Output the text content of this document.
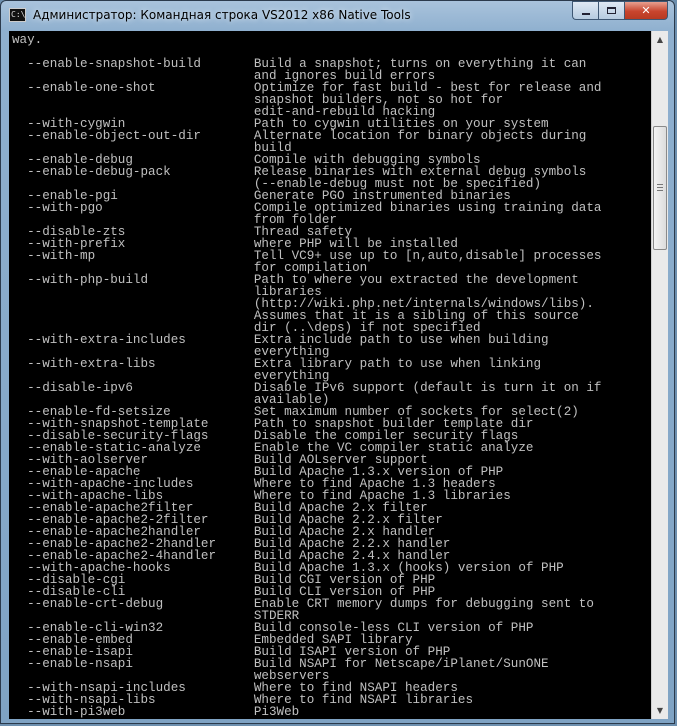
C:\ Администратор: Командная строка VS2012 x86 Native Tools	✕
way.

--enable-snapshot-build       Build a snapshot; turns on everything it can
and ignores build errors
--enable-one-shot             Optimize for fast build - best for release and
snapshot builders, not so hot for
edit-and-rebuild hacking
--with-cygwin                 Path to cygwin utilities on your system
--enable-object-out-dir       Alternate location for binary objects during
build
--enable-debug                Compile with debugging symbols
--enable-debug-pack           Release binaries with external debug symbols
(--enable-debug must not be specified)
--enable-pgi                  Generate PGO instrumented binaries
--with-pgo                    Compile optimized binaries using training data
from folder
--disable-zts                 Thread safety
--with-prefix                 where PHP will be installed
--with-mp                     Tell VC9+ use up to [n,auto,disable] processes
for compilation
--with-php-build              Path to where you extracted the development
libraries
(http://wiki.php.net/internals/windows/libs).
Assumes that it is a sibling of this source
dir (..\deps) if not specified
--with-extra-includes         Extra include path to use when building
everything
--with-extra-libs             Extra library path to use when linking
everything
--disable-ipv6                Disable IPv6 support (default is turn it on if
available)
--enable-fd-setsize           Set maximum number of sockets for select(2)
--with-snapshot-template      Path to snapshot builder template dir
--disable-security-flags      Disable the compiler security flags
--enable-static-analyze       Enable the VC compiler static analyze
--with-aolserver              Build AOLserver support
--enable-apache               Build Apache 1.3.x version of PHP
--with-apache-includes        Where to find Apache 1.3 headers
--with-apache-libs            Where to find Apache 1.3 libraries
--enable-apache2filter        Build Apache 2.x filter
--enable-apache2-2filter      Build Apache 2.2.x filter
--enable-apache2handler       Build Apache 2.x handler
--enable-apache2-2handler     Build Apache 2.2.x handler
--enable-apache2-4handler     Build Apache 2.4.x handler
--with-apache-hooks           Build Apache 1.3.x (hooks) version of PHP
--disable-cgi                 Build CGI version of PHP
--disable-cli                 Build CLI version of PHP
--enable-crt-debug            Enable CRT memory dumps for debugging sent to
STDERR
--enable-cli-win32            Build console-less CLI version of PHP
--enable-embed                Embedded SAPI library
--enable-isapi                Build ISAPI version of PHP
--enable-nsapi                Build NSAPI for Netscape/iPlanet/SunONE
webservers
--with-nsapi-includes         Where to find NSAPI headers
--with-nsapi-libs             Where to find NSAPI libraries
--with-pi3web                 Pi3Web

▲
▼
